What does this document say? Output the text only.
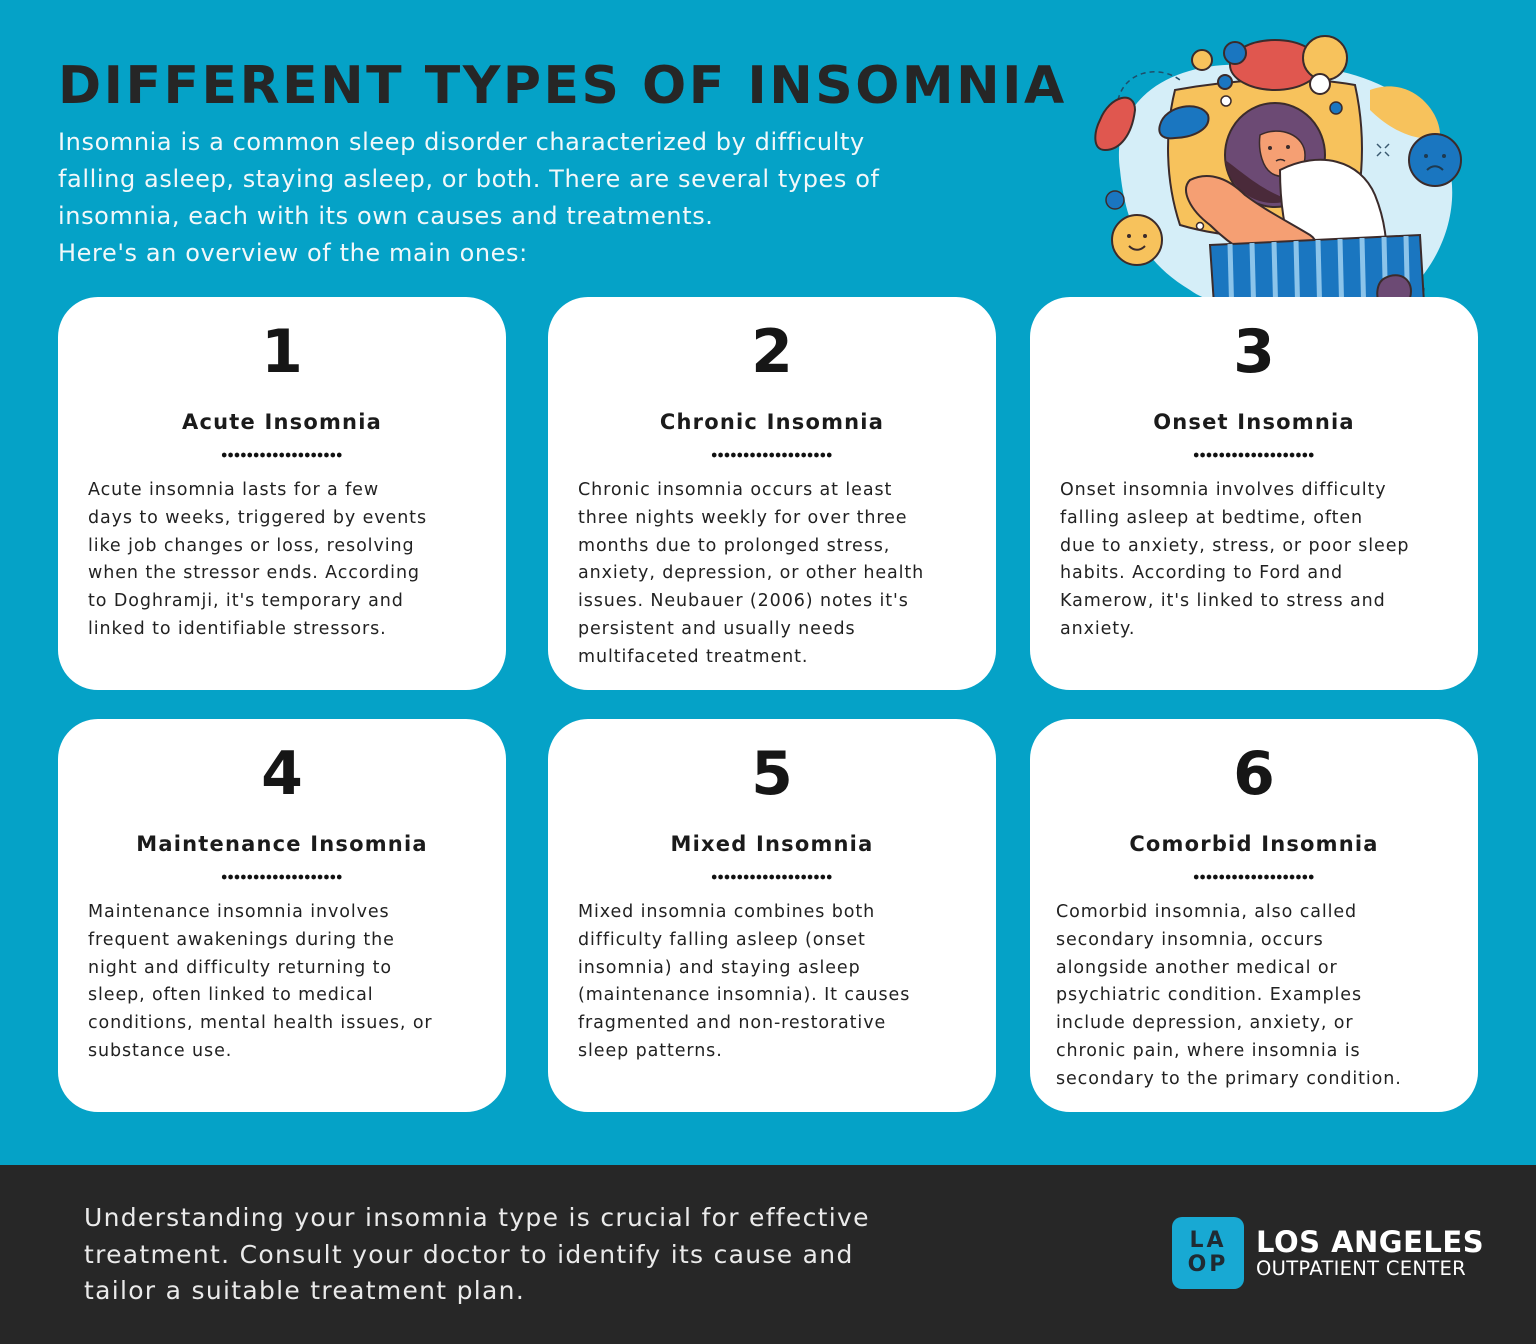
DIFFERENT TYPES OF INSOMNIA

Insomnia is a common sleep disorder characterized by difficulty
falling asleep, staying asleep, or both. There are several types of
insomnia, each with its own causes and treatments.
Here's an overview of the main ones:

1
Acute Insomnia
Acute insomnia lasts for a few
days to weeks, triggered by events
like job changes or loss, resolving
when the stressor ends. According
to Doghramji, it's temporary and
linked to identifiable stressors.
2
Chronic Insomnia
Chronic insomnia occurs at least
three nights weekly for over three
months due to prolonged stress,
anxiety, depression, or other health
issues. Neubauer (2006) notes it's
persistent and usually needs
multifaceted treatment.
3
Onset Insomnia
Onset insomnia involves difficulty
falling asleep at bedtime, often
due to anxiety, stress, or poor sleep
habits. According to Ford and
Kamerow, it's linked to stress and
anxiety.
4
Maintenance Insomnia
Maintenance insomnia involves
frequent awakenings during the
night and difficulty returning to
sleep, often linked to medical
conditions, mental health issues, or
substance use.
5
Mixed Insomnia
Mixed insomnia combines both
difficulty falling asleep (onset
insomnia) and staying asleep
(maintenance insomnia). It causes
fragmented and non-restorative
sleep patterns.
6
Comorbid Insomnia
Comorbid insomnia, also called
secondary insomnia, occurs
alongside another medical or
psychiatric condition. Examples
include depression, anxiety, or
chronic pain, where insomnia is
secondary to the primary condition.

Understanding your insomnia type is crucial for effective
treatment. Consult your doctor to identify its cause and
tailor a suitable treatment plan.

LA
OP
LOS ANGELES
OUTPATIENT CENTER
